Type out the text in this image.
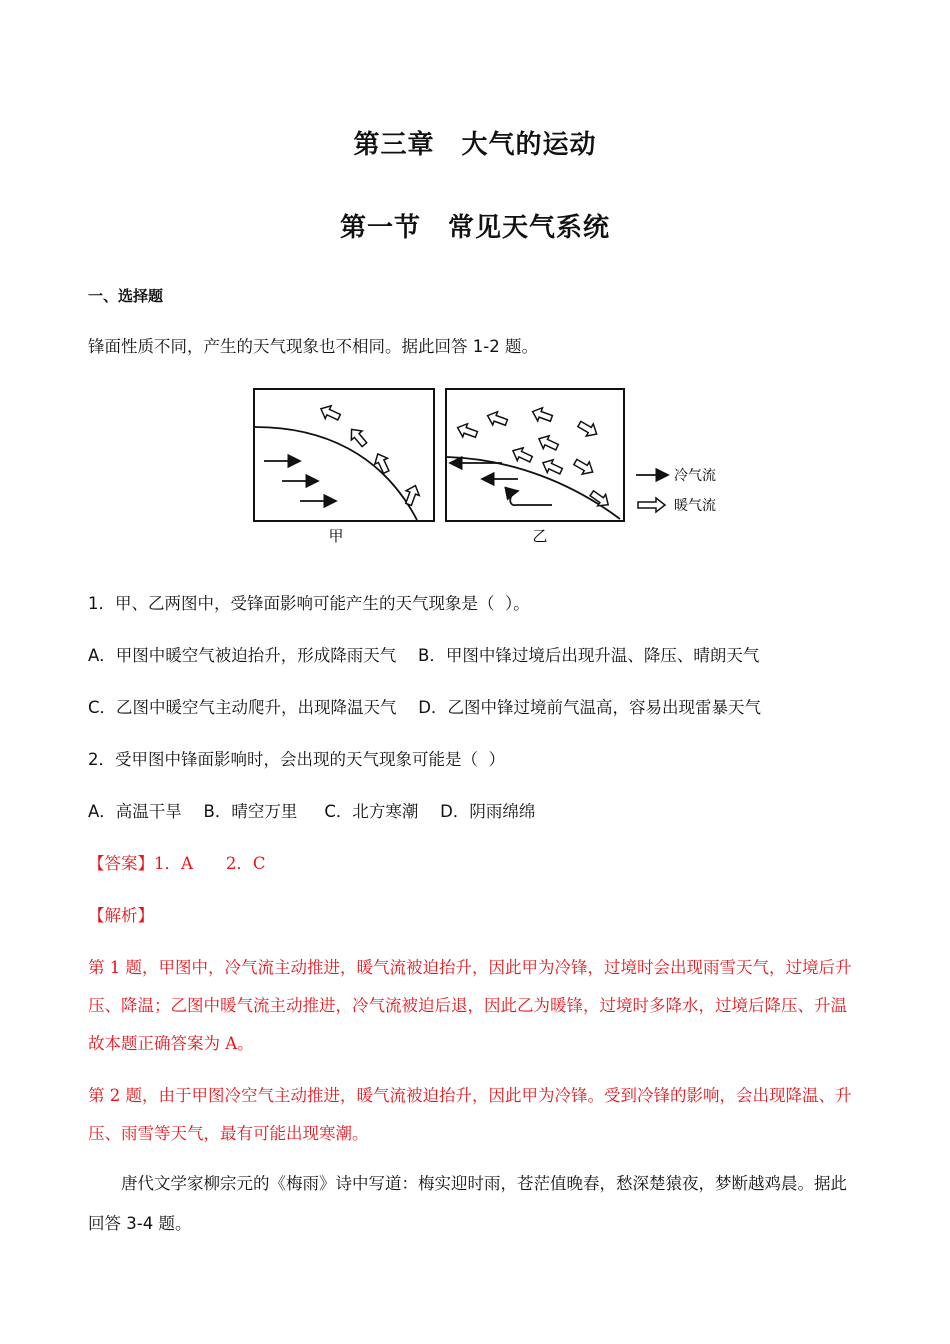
第三章　大气的运动
第一节　常见天气系统
一、选择题
锋面性质不同，产生的天气现象也不相同。据此回答 1-2 题。
甲	乙
冷气流
暖气流
1．甲、乙两图中，受锋面影响可能产生的天气现象是（  ）。
A．甲图中暖空气被迫抬升，形成降雨天气　 B．甲图中锋过境后出现升温、降压、晴朗天气
C．乙图中暖空气主动爬升，出现降温天气　 D．乙图中锋过境前气温高，容易出现雷暴天气
2．受甲图中锋面影响时，会出现的天气现象可能是（  ）
A．高温干旱　 B．晴空万里　  C．北方寒潮　 D．阴雨绵绵
【答案】1．A　　2．C
【解析】
第 1 题，甲图中，冷气流主动推进，暖气流被迫抬升，因此甲为冷锋，过境时会出现雨雪天气，过境后升
压、降温；乙图中暖气流主动推进，冷气流被迫后退，因此乙为暖锋，过境时多降水，过境后降压、升温
故本题正确答案为 A。
第 2 题，由于甲图冷空气主动推进，暖气流被迫抬升，因此甲为冷锋。受到冷锋的影响，会出现降温、升
压、雨雪等天气，最有可能出现寒潮。
　　唐代文学家柳宗元的《梅雨》诗中写道：梅实迎时雨，苍茫值晚春，愁深楚猿夜，梦断越鸡晨。据此
回答 3-4 题。
